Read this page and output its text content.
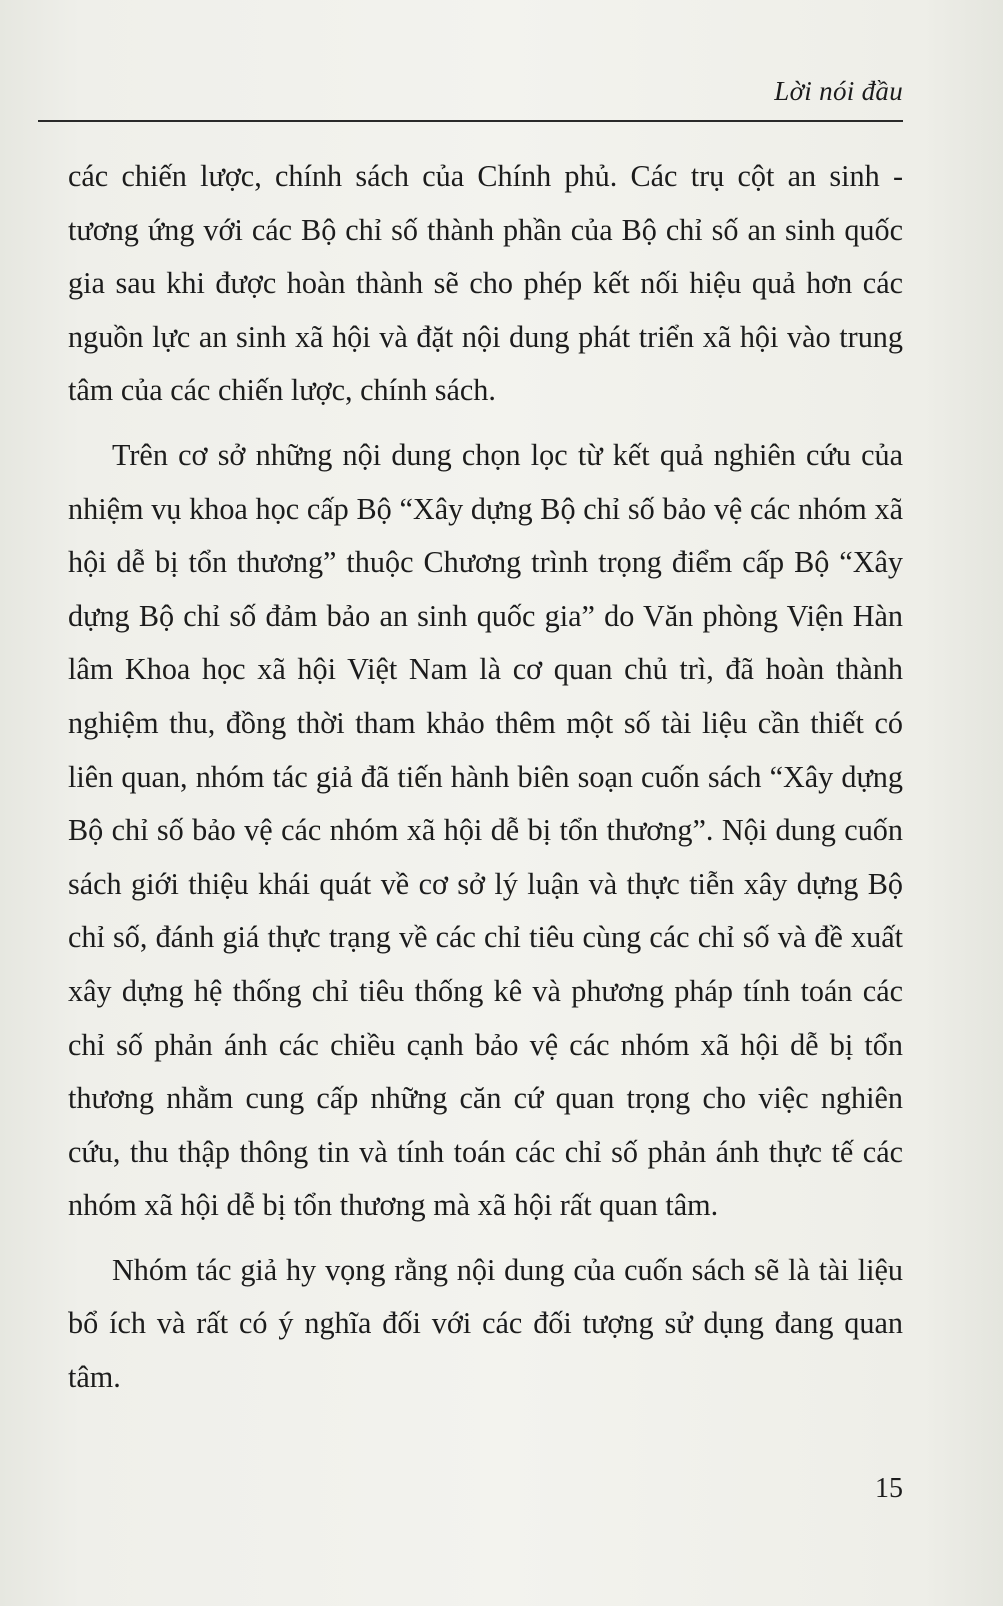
Lời nói đầu

các chiến lược, chính sách của Chính phủ. Các trụ cột an sinh - tương ứng với các Bộ chỉ số thành phần của Bộ chỉ số an sinh quốc gia sau khi được hoàn thành sẽ cho phép kết nối hiệu quả hơn các nguồn lực an sinh xã hội và đặt nội dung phát triển xã hội vào trung tâm của các chiến lược, chính sách.

Trên cơ sở những nội dung chọn lọc từ kết quả nghiên cứu của nhiệm vụ khoa học cấp Bộ “Xây dựng Bộ chỉ số bảo vệ các nhóm xã hội dễ bị tổn thương” thuộc Chương trình trọng điểm cấp Bộ “Xây dựng Bộ chỉ số đảm bảo an sinh quốc gia” do Văn phòng Viện Hàn lâm Khoa học xã hội Việt Nam là cơ quan chủ trì, đã hoàn thành nghiệm thu, đồng thời tham khảo thêm một số tài liệu cần thiết có liên quan, nhóm tác giả đã tiến hành biên soạn cuốn sách “Xây dựng Bộ chỉ số bảo vệ các nhóm xã hội dễ bị tổn thương”. Nội dung cuốn sách giới thiệu khái quát về cơ sở lý luận và thực tiễn xây dựng Bộ chỉ số, đánh giá thực trạng về các chỉ tiêu cùng các chỉ số và đề xuất xây dựng hệ thống chỉ tiêu thống kê và phương pháp tính toán các chỉ số phản ánh các chiều cạnh bảo vệ các nhóm xã hội dễ bị tổn thương nhằm cung cấp những căn cứ quan trọng cho việc nghiên cứu, thu thập thông tin và tính toán các chỉ số phản ánh thực tế các nhóm xã hội dễ bị tổn thương mà xã hội rất quan tâm.

Nhóm tác giả hy vọng rằng nội dung của cuốn sách sẽ là tài liệu bổ ích và rất có ý nghĩa đối với các đối tượng sử dụng đang quan tâm.

15
